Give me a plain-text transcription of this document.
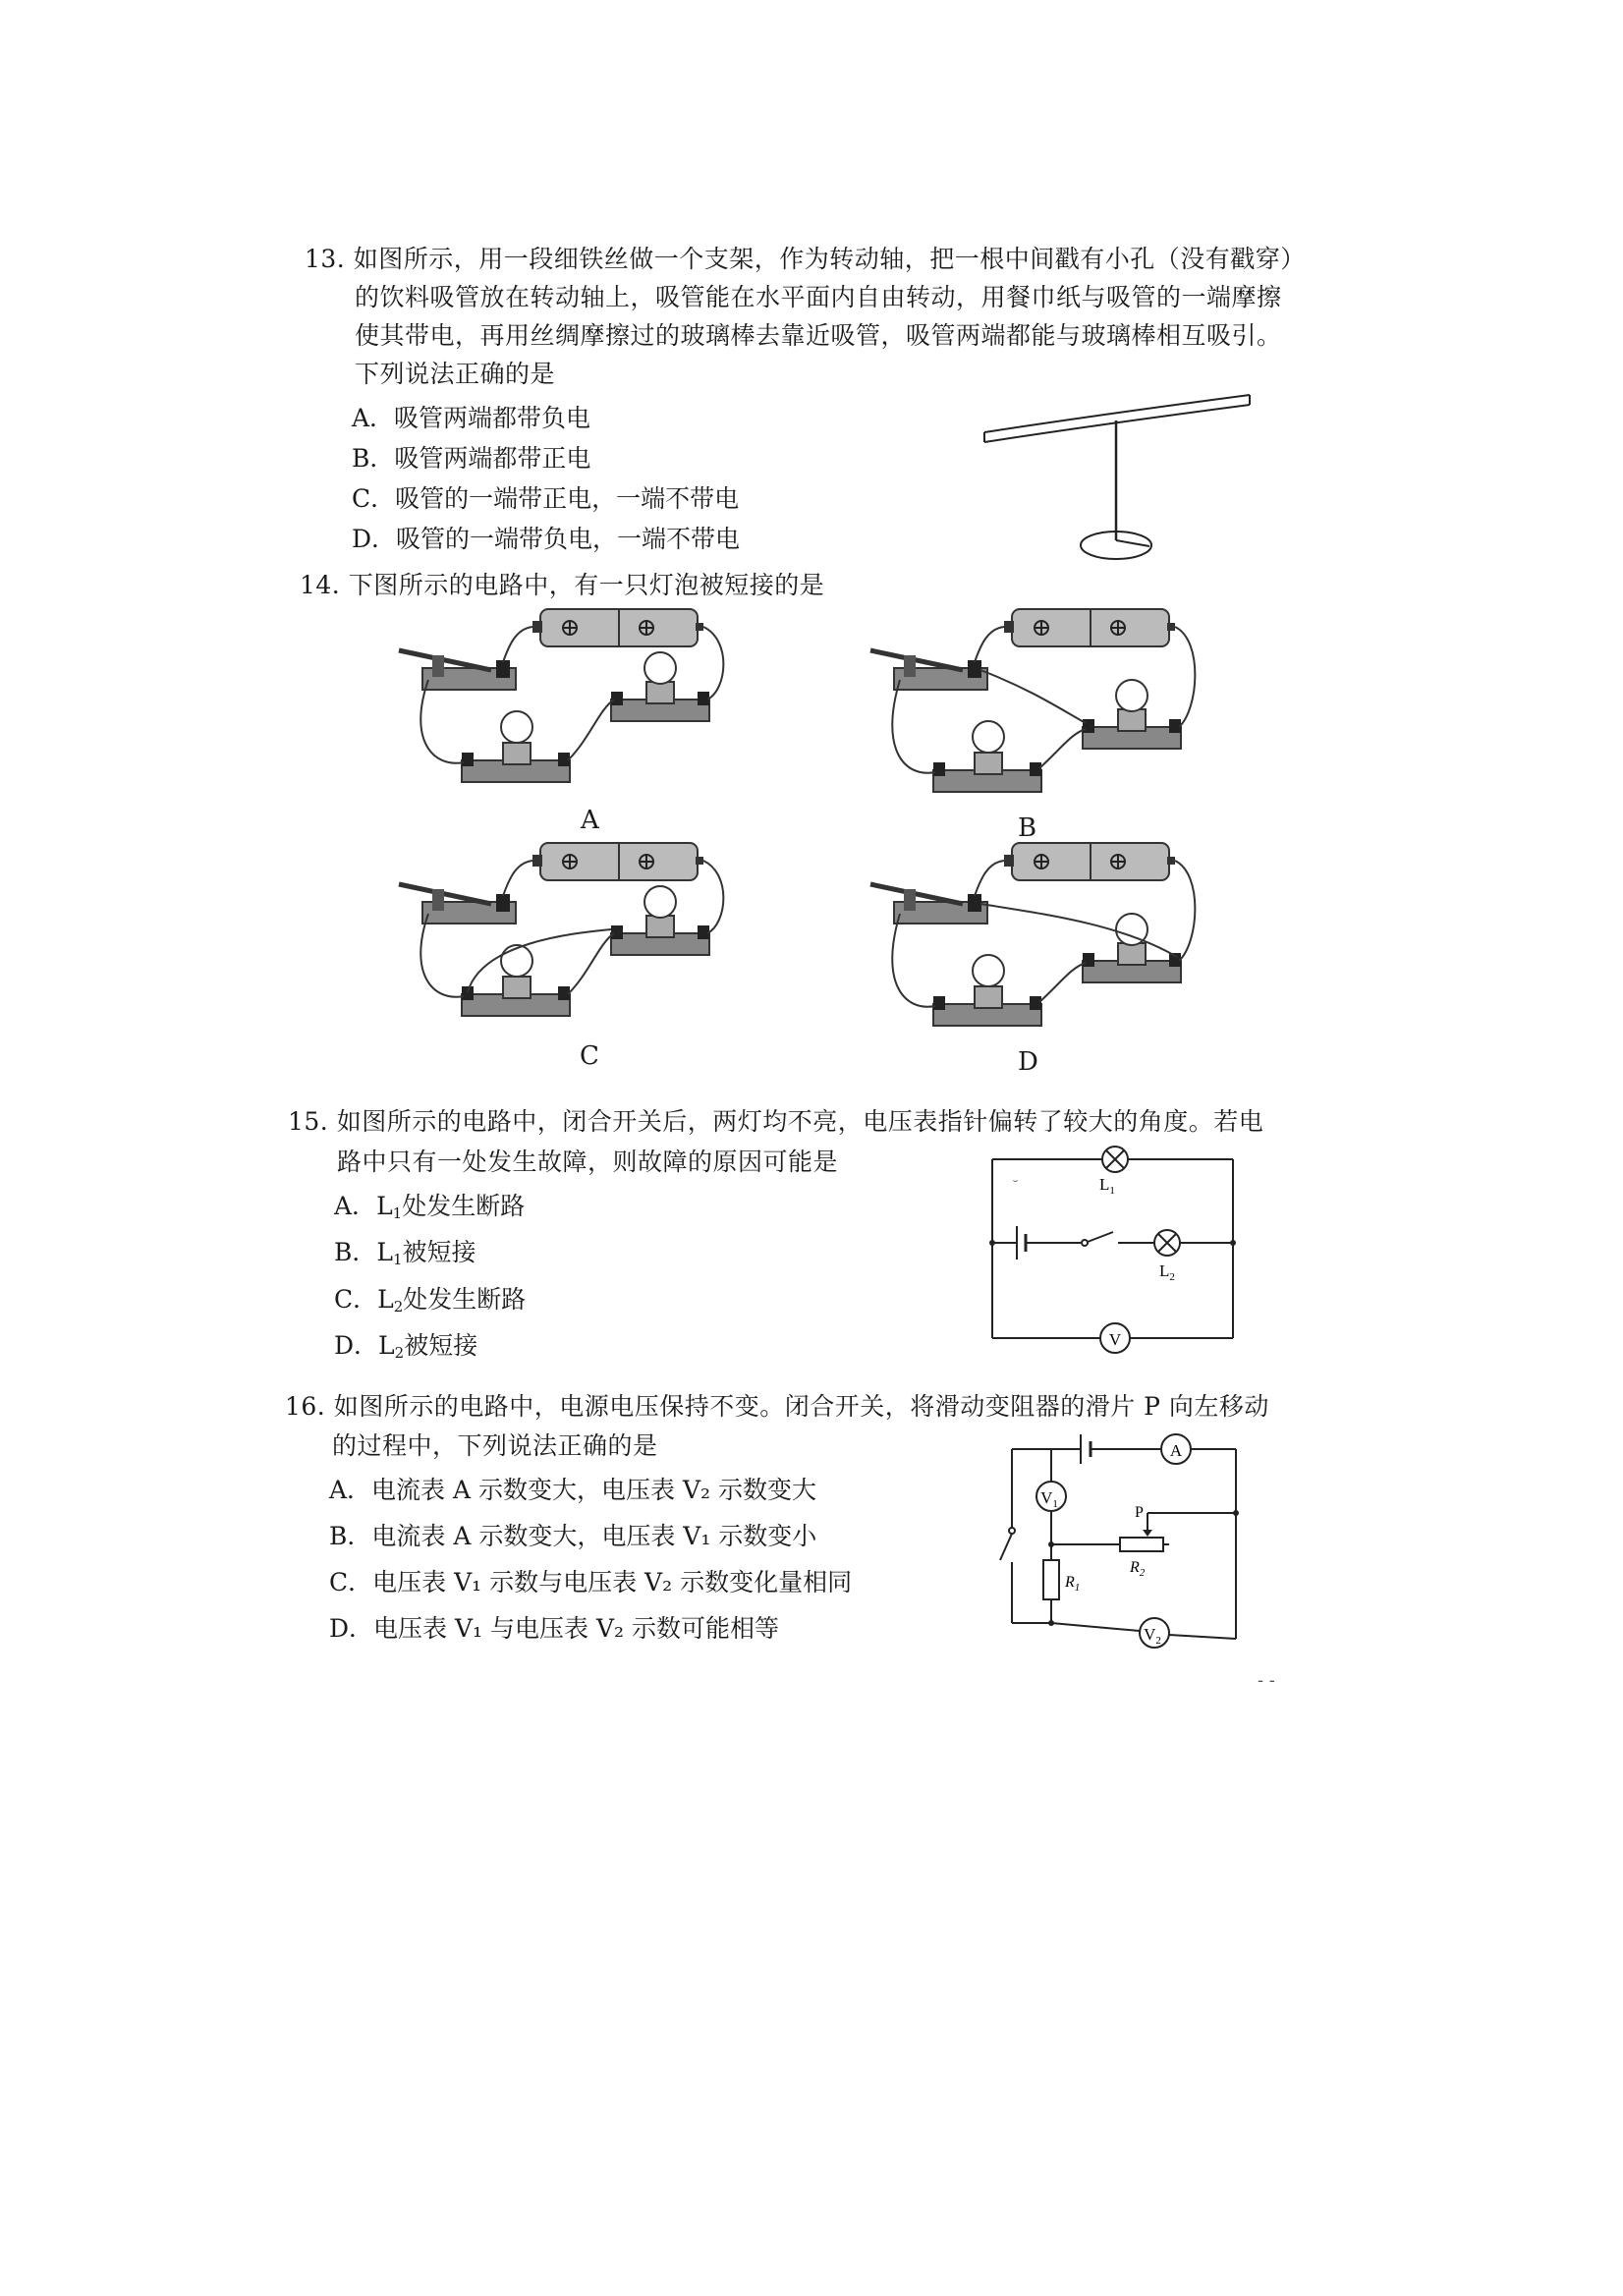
13. 如图所示，用一段细铁丝做一个支架，作为转动轴，把一根中间戳有小孔（没有戳穿）
的饮料吸管放在转动轴上，吸管能在水平面内自由转动，用餐巾纸与吸管的一端摩擦
使其带电，再用丝绸摩擦过的玻璃棒去靠近吸管，吸管两端都能与玻璃棒相互吸引。
下列说法正确的是
A．吸管两端都带负电
B．吸管两端都带正电
C．吸管的一端带正电，一端不带电
D．吸管的一端带负电，一端不带电
14. 下图所示的电路中，有一只灯泡被短接的是
A	B
C	D
15. 如图所示的电路中，闭合开关后，两灯均不亮，电压表指针偏转了较大的角度。若电
路中只有一处发生故障，则故障的原因可能是
A．$L_1$处发生断路
B．$L_1$被短接
C．$L_2$处发生断路
D．$L_2$被短接	V
$L_1$
$L_2$
˘
16. 如图所示的电路中，电源电压保持不变。闭合开关，将滑动变阻器的滑片 P 向左移动
的过程中，下列说法正确的是
A．电流表 A 示数变大，电压表 V₂ 示数变大
B．电流表 A 示数变大，电压表 V₁ 示数变小
C．电压表 V₁ 示数与电压表 V₂ 示数变化量相同
D．电压表 V₁ 与电压表 V₂ 示数可能相等
A
$V_1$
$R_1$
P
$R_2$
$V_2$
- -
